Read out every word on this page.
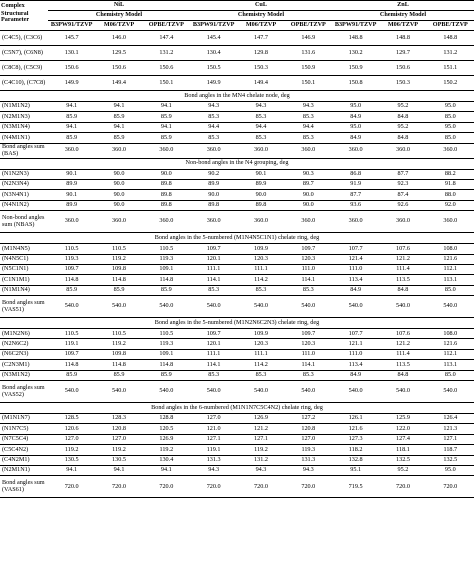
Complex	NiL			CuL			ZnL		
Structural Parameter	Chemistry Model			Chemistry Model			Chemistry Model		
	B3PW91/TZVP	M06/TZVP	OPBE/TZVP	B3PW91/TZVP	M06/TZVP	OPBE/TZVP	B3PW91/TZVP	M06/TZVP	OPBE/TZVP
(C4C5), (C3C6)	145.7	146.0	147.4	145.4	147.7	146.9	148.8	148.8	148.8
(C5N7), (C6N8)	130.1	129.5	131.2	130.4	129.8	131.6	130.2	129.7	131.2
(C8C8), (C5C9)	150.6	150.6	150.6	150.5	150.3	150.9	150.9	150.6	151.1
(C4C10), (C7C8)	149.9	149.4	150.1	149.9	149.4	150.1	150.8	150.3	150.2
Bond angles in the MN4 chelate node, deg									
(N1M1N2)	94.1	94.1	94.1	94.3	94.3	94.3	95.0	95.2	95.0
(N2M1N3)	85.9	85.9	85.9	85.3	85.3	85.3	84.9	84.8	85.0
(N3M1N4)	94.1	94.1	94.1	94.4	94.4	94.4	95.0	95.2	95.0
(N4M1N1)	85.9	85.9	85.9	85.3	85.3	85.3	84.9	84.8	85.0
Bond angles sum (BAS)	360.0	360.0	360.0	360.0	360.0	360.0	360.0	360.0	360.0
Non-bond angles in the N4 grouping, deg									
(N1N2N3)	90.1	90.0	90.0	90.2	90.1	90.3	86.8	87.7	88.2
(N2N3N4)	89.9	90.0	89.8	89.9	89.9	89.7	91.9	92.3	91.8
(N3N4N1)	90.1	90.0	89.8	90.0	90.0	90.0	87.7	87.4	88.0
(N4N1N2)	89.9	90.0	89.8	89.8	89.8	90.0	93.6	92.6	92.0
Non-bond angles sum (NBAS)	360.0	360.0	360.0	360.0	360.0	360.0	360.0	360.0	360.0
Bond angles in the 5-numbered (M1N4N5C1N1) chelate ring, deg									
(M1N4N5)	110.5	110.5	110.5	109.7	109.9	109.7	107.7	107.6	108.0
(N4N5C1)	119.3	119.2	119.3	120.1	120.3	120.3	121.4	121.2	121.6
(N5C1N1)	109.7	109.8	109.1	111.1	111.1	111.0	111.0	111.4	112.1
(C1N1M1)	114.8	114.8	114.8	114.1	114.2	114.1	113.4	113.5	113.1
(N1M1N4)	85.9	85.9	85.9	85.3	85.3	85.3	84.9	84.8	85.0
Bond angles sum (VAS51)	540.0	540.0	540.0	540.0	540.0	540.0	540.0	540.0	540.0
Bond angles in the 5-numbered (M1N2N6C2N3) chelate ring, deg									
(M1N2N6)	110.5	110.5	110.5	109.7	109.9	109.7	107.7	107.6	108.0
(N2N6C2)	119.1	119.2	119.3	120.1	120.3	120.3	121.1	121.2	121.6
(N6C2N3)	109.7	109.8	109.1	111.1	111.1	111.0	111.0	111.4	112.1
(C2N3M1)	114.8	114.8	114.8	114.1	114.2	114.1	113.4	113.5	113.1
(N3M1N2)	85.9	85.9	85.9	85.3	85.3	85.3	84.9	84.8	85.0
Bond angles sum (VAS52)	540.0	540.0	540.0	540.0	540.0	540.0	540.0	540.0	540.0
Bond angles in the 6-numbered (M1N1N7C5C4N2) chelate ring, deg									
(M1N1N7)	128.5	128.3	128.8	127.0	126.9	127.2	126.1	125.9	126.4
(N1N7C5)	120.6	120.8	120.5	121.0	121.2	120.8	121.6	122.0	121.3
(N7C5C4)	127.0	127.0	126.9	127.1	127.1	127.0	127.3	127.4	127.1
(C5C4N2)	119.2	119.2	119.2	119.1	119.2	119.3	118.2	118.1	118.7
(C4N2M1)	130.5	130.5	130.4	131.3	131.2	131.3	132.8	132.5	132.5
(N2M1N1)	94.1	94.1	94.1	94.3	94.3	94.3	95.1	95.2	95.0
Bond angles sum (VAS61)	720.0	720.0	720.0	720.0	720.0	720.0	719.5	720.0	720.0
